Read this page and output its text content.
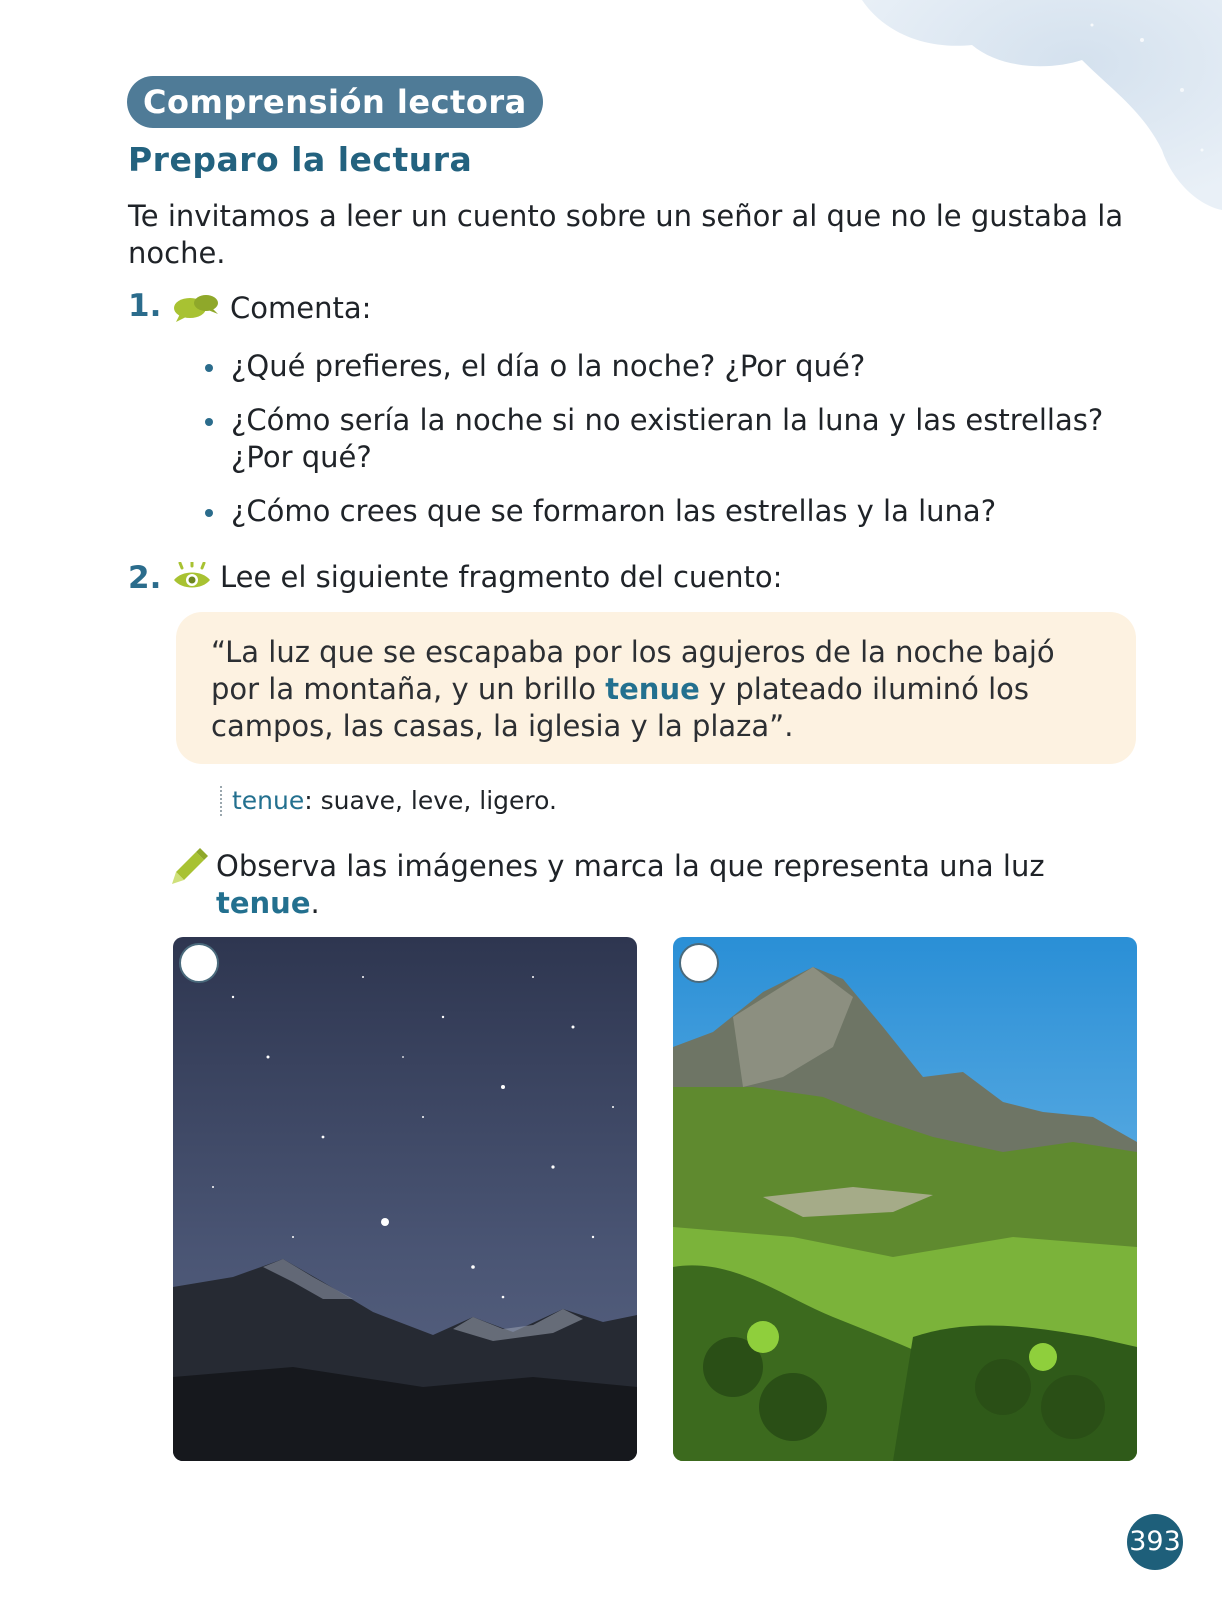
Comprensión lectora
Preparo la lectura

Te invitamos a leer un cuento sobre un señor al que no le gustaba la noche.

1. Comenta:
¿Qué prefieres, el día o la noche? ¿Por qué?
¿Cómo sería la noche si no existieran la luna y las estrellas? ¿Por qué?
¿Cómo crees que se formaron las estrellas y la luna?
2. Lee el siguiente fragmento del cuento:

“La luz que se escapaba por los agujeros de la noche bajó por la montaña, y un brillo tenue y plateado iluminó los campos, las casas, la iglesia y la plaza”.

tenue: suave, leve, ligero.

Observa las imágenes y marca la que representa una luz tenue.

393
